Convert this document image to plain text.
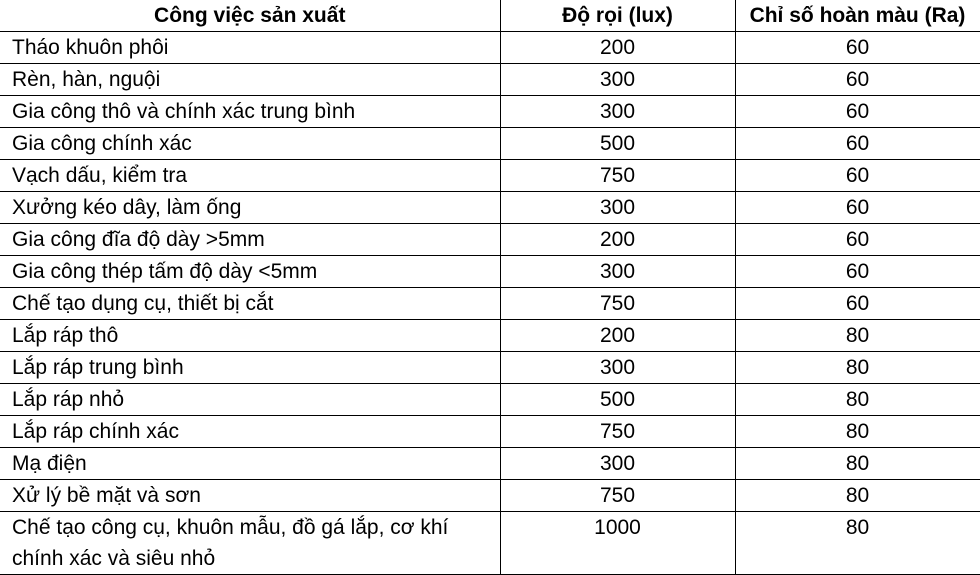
Công việc sản xuất	Độ rọi (lux)	Chỉ số hoàn màu (Ra)
Tháo khuôn phôi	200	60
Rèn, hàn, nguội	300	60
Gia công thô và chính xác trung bình	300	60
Gia công chính xác	500	60
Vạch dấu, kiểm tra	750	60
Xưởng kéo dây, làm ống	300	60
Gia công đĩa độ dày >5mm	200	60
Gia công thép tấm độ dày <5mm	300	60
Chế tạo dụng cụ, thiết bị cắt	750	60
Lắp ráp thô	200	80
Lắp ráp trung bình	300	80
Lắp ráp nhỏ	500	80
Lắp ráp chính xác	750	80
Mạ điện	300	80
Xử lý bề mặt và sơn	750	80
Chế tạo công cụ, khuôn mẫu, đồ gá lắp, cơ khí chính xác và siêu nhỏ	1000	80
